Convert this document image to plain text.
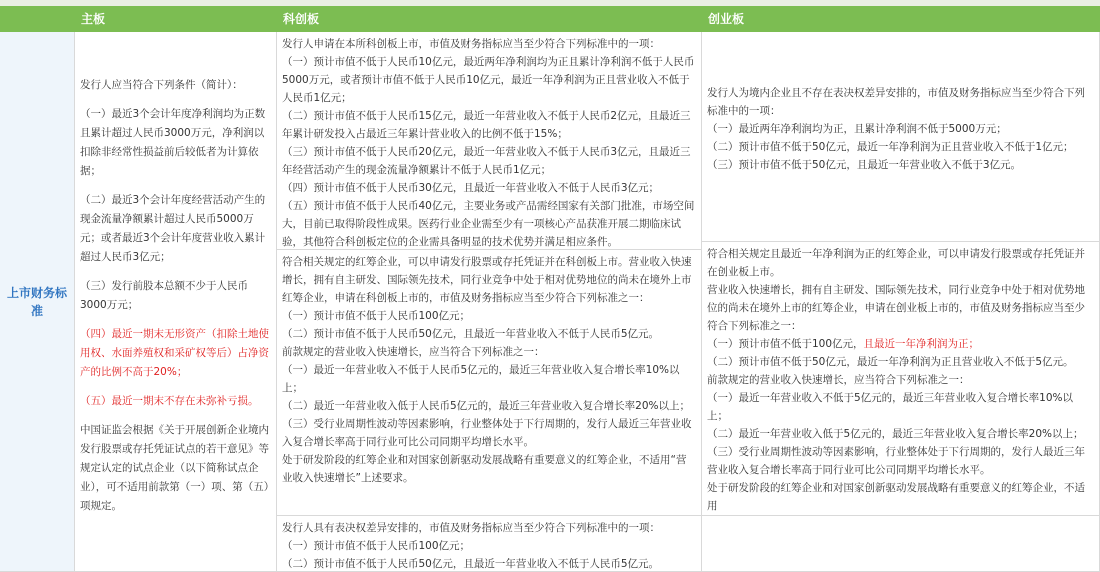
主板	科创板	创业板
上市财务标准

发行人应当符合下列条件（简计）：

（一）最近3个会计年度净利润均为正数且累计超过人民币3000万元，净利润以扣除非经常性损益前后较低者为计算依据；

（二）最近3个会计年度经营活动产生的现金流量净额累计超过人民币5000万元；或者最近3个会计年度营业收入累计超过人民币3亿元；

（三）发行前股本总额不少于人民币3000万元；

（四）最近一期末无形资产（扣除土地使用权、水面养殖权和采矿权等后）占净资产的比例不高于20%；

（五）最近一期末不存在未弥补亏损。

中国证监会根据《关于开展创新企业境内发行股票或存托凭证试点的若干意见》等规定认定的试点企业（以下简称试点企业），可不适用前款第（一）项、第（五）项规定。

发行人申请在本所科创板上市，市值及财务指标应当至少符合下列标准中的一项：

（一）预计市值不低于人民币10亿元，最近两年净利润均为正且累计净利润不低于人民币5000万元，或者预计市值不低于人民币10亿元，最近一年净利润为正且营业收入不低于人民币1亿元；

（二）预计市值不低于人民币15亿元，最近一年营业收入不低于人民币2亿元，且最近三年累计研发投入占最近三年累计营业收入的比例不低于15%；

（三）预计市值不低于人民币20亿元，最近一年营业收入不低于人民币3亿元，且最近三年经营活动产生的现金流量净额累计不低于人民币1亿元；

（四）预计市值不低于人民币30亿元，且最近一年营业收入不低于人民币3亿元；

（五）预计市值不低于人民币40亿元，主要业务或产品需经国家有关部门批准，市场空间大，目前已取得阶段性成果。医药行业企业需至少有一项核心产品获准开展二期临床试验，其他符合科创板定位的企业需具备明显的技术优势并满足相应条件。

符合相关规定的红筹企业，可以申请发行股票或存托凭证并在科创板上市。营业收入快速增长，拥有自主研发、国际领先技术，同行业竞争中处于相对优势地位的尚未在境外上市红筹企业，申请在科创板上市的，市值及财务指标应当至少符合下列标准之一：

（一）预计市值不低于人民币100亿元；

（二）预计市值不低于人民币50亿元，且最近一年营业收入不低于人民币5亿元。

前款规定的营业收入快速增长，应当符合下列标准之一：

（一）最近一年营业收入不低于人民币5亿元的，最近三年营业收入复合增长率10%以上；

（二）最近一年营业收入低于人民币5亿元的，最近三年营业收入复合增长率20%以上；

（三）受行业周期性波动等因素影响，行业整体处于下行周期的，发行人最近三年营业收入复合增长率高于同行业可比公司同期平均增长水平。

处于研发阶段的红筹企业和对国家创新驱动发展战略有重要意义的红筹企业，不适用“营业收入快速增长”上述要求。

发行人具有表决权差异安排的，市值及财务指标应当至少符合下列标准中的一项：

（一）预计市值不低于人民币100亿元；

（二）预计市值不低于人民币50亿元，且最近一年营业收入不低于人民币5亿元。

发行人为境内企业且不存在表决权差异安排的，市值及财务指标应当至少符合下列标准中的一项：

（一）最近两年净利润均为正，且累计净利润不低于5000万元；

（二）预计市值不低于50亿元，最近一年净利润为正且营业收入不低于1亿元；

（三）预计市值不低于50亿元，且最近一年营业收入不低于3亿元。

符合相关规定且最近一年净利润为正的红筹企业，可以申请发行股票或存托凭证并在创业板上市。

营业收入快速增长，拥有自主研发、国际领先技术，同行业竞争中处于相对优势地位的尚未在境外上市的红筹企业，申请在创业板上市的，市值及财务指标应当至少符合下列标准之一：

（一）预计市值不低于100亿元，且最近一年净利润为正；

（二）预计市值不低于50亿元，最近一年净利润为正且营业收入不低于5亿元。

前款规定的营业收入快速增长，应当符合下列标准之一：

（一）最近一年营业收入不低于5亿元的，最近三年营业收入复合增长率10%以上；

（二）最近一年营业收入低于5亿元的，最近三年营业收入复合增长率20%以上；

（三）受行业周期性波动等因素影响，行业整体处于下行周期的，发行人最近三年营业收入复合增长率高于同行业可比公司同期平均增长水平。

处于研发阶段的红筹企业和对国家创新驱动发展战略有重要意义的红筹企业，不适用
